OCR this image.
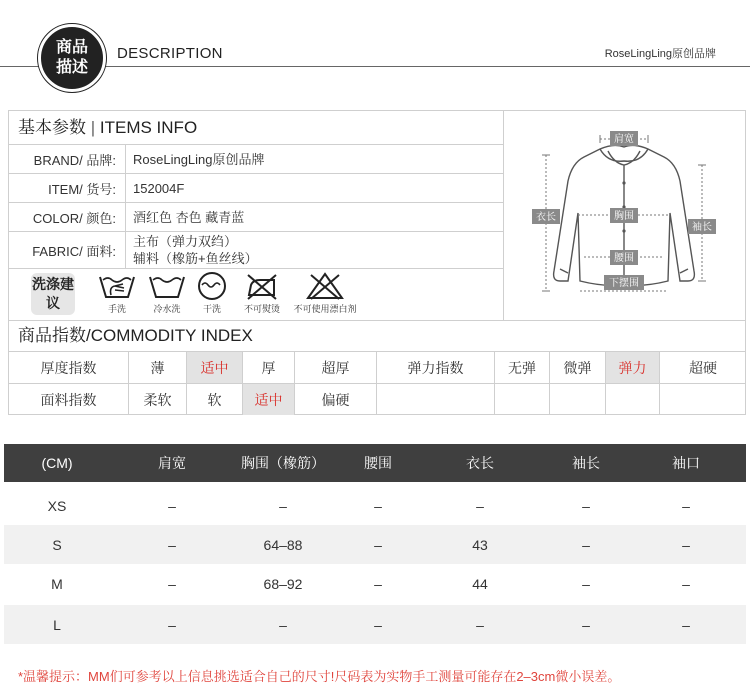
商品
描述
DESCRIPTION	RoseLingLing原创品牌
基本参数 | ITEMS INFO
BRAND/ 品牌:	RoseLingLing原创品牌
ITEM/ 货号:	152004F
COLOR/ 颜色:	酒红色 杏色 藏青蓝
FABRIC/ 面料:
主布（弹力双绉）
辅料（橡筋+鱼丝线）
洗涤建议	手洗	冷水洗	干洗	不可熨烫	不可使用漂白剂
肩宽
衣长	胸围
袖长
腰围
下摆围
商品指数/COMMODITY INDEX
厚度指数	薄	适中	厚	超厚	弹力指数	无弹	微弹	弹力	超硬
面料指数	柔软	软	适中	偏硬
(CM)	肩宽	胸围（橡筋）	腰围	衣长	袖长	袖口
XS	–	–	–	–	–	–
S	–	64–88	–	43	–	–
M	–	68–92	–	44	–	–
L	–	–	–	–	–	–
*温馨提示：MM们可参考以上信息挑选适合自己的尺寸!尺码表为实物手工测量可能存在2–3cm微小误差。
